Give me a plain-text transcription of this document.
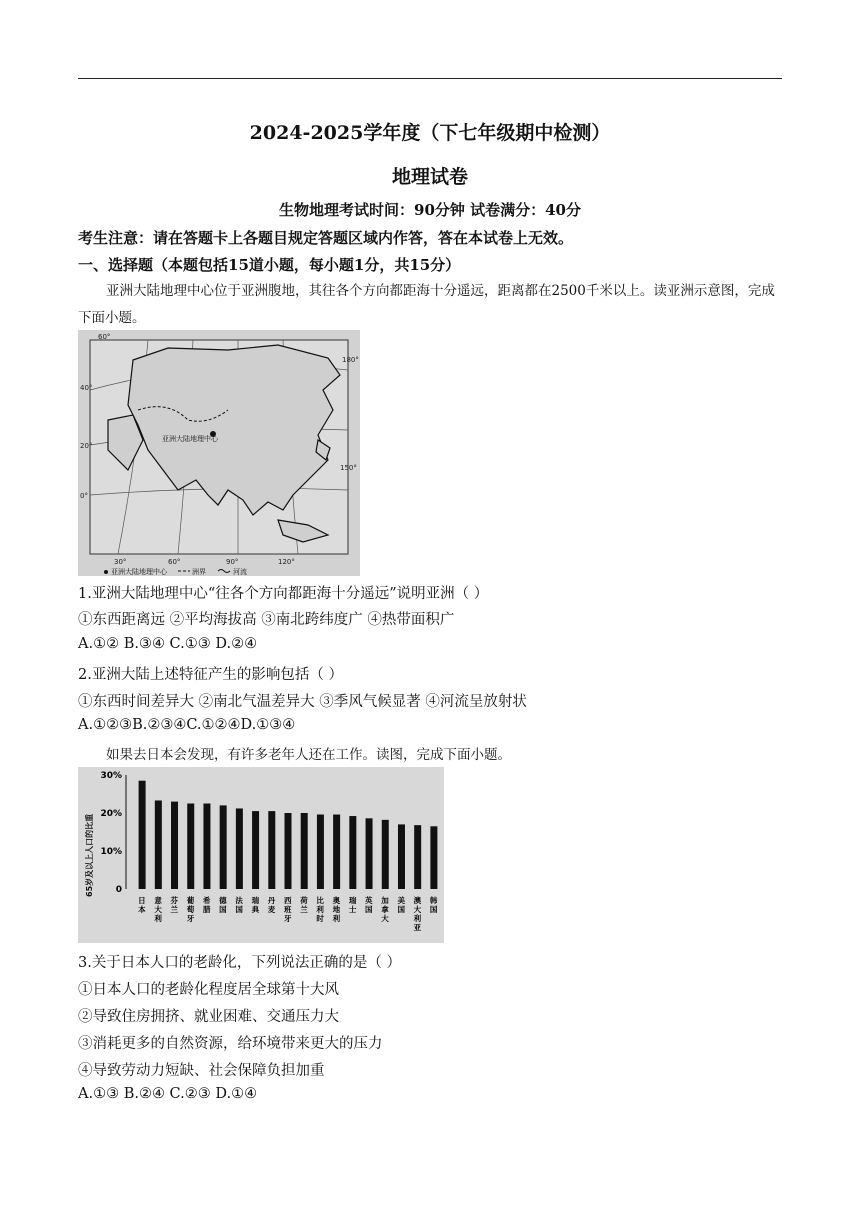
2024-2025学年度（下七年级期中检测）
地理试卷
生物地理考试时间：90分钟 试卷满分：40分
考生注意：请在答题卡上各题目规定答题区域内作答，答在本试卷上无效。
一、选择题（本题包括15道小题，每小题1分，共15分）
亚洲大陆地理中心位于亚洲腹地，其往各个方向都距海十分遥远，距离都在2500千米以上。读亚洲示意图，完成下面小题。
亚洲大陆地理中心
60°
40°
20°
0°
180°
150°
30°	60°	90°	120°
亚洲大陆地理中心	洲界	河流
1.亚洲大陆地理中心“往各个方向都距海十分遥远”说明亚洲（ ）
①东西距离远 ②平均海拔高 ③南北跨纬度广 ④热带面积广
A.①② B.③④ C.①③ D.②④
2.亚洲大陆上述特征产生的影响包括（ ）
①东西时间差异大 ②南北气温差异大 ③季风气候显著 ④河流呈放射状
A.①②③B.②③④C.①②④D.①③④
如果去日本会发现，有许多老年人还在工作。读图，完成下面小题。
65岁及以上人口的比重 0
10%
20%
30%
日本
意大利
芬兰
葡萄牙
希腊
德国
法国
瑞典
丹麦
西班牙
荷兰
比利时
奥地利
瑞士
英国
加拿大
美国
澳大利亚
韩国
3.关于日本人口的老龄化，下列说法正确的是（ ）
①日本人口的老龄化程度居全球第十大风
②导致住房拥挤、就业困难、交通压力大
③消耗更多的自然资源，给环境带来更大的压力
④导致劳动力短缺、社会保障负担加重
A.①③ B.②④ C.②③ D.①④
